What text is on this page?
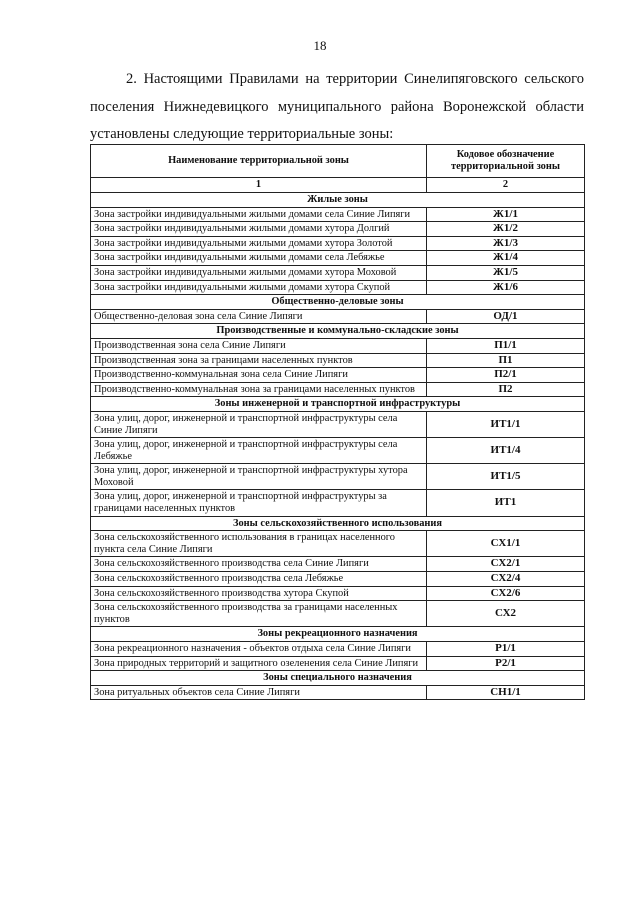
18
2. Настоящими Правилами на территории Синелипяговского сельского поселения Нижнедевицкого муниципального района Воронежской области установлены следующие территориальные зоны:
Наименование территориальной зоны	Кодовое обозначение территориальной зоны
1	2
Жилые зоны	
Зона застройки индивидуальными жилыми домами села Синие Липяги	Ж1/1
Зона застройки индивидуальными жилыми домами хутора Долгий	Ж1/2
Зона застройки индивидуальными жилыми домами хутора Золотой	Ж1/3
Зона застройки индивидуальными жилыми домами села Лебяжье	Ж1/4
Зона застройки индивидуальными жилыми домами хутора Моховой	Ж1/5
Зона застройки индивидуальными жилыми домами хутора Скупой	Ж1/6
Общественно-деловые зоны	
Общественно-деловая зона села Синие Липяги	ОД/1
Производственные и коммунально-складские зоны	
Производственная зона села Синие Липяги	П1/1
Производственная зона за границами населенных пунктов	П1
Производственно-коммунальная зона села Синие Липяги	П2/1
Производственно-коммунальная зона за границами населенных пунктов	П2
Зоны инженерной и транспортной инфраструктуры	
Зона улиц, дорог, инженерной и транспортной инфраструктуры села Синие Липяги	ИТ1/1
Зона улиц, дорог, инженерной и транспортной инфраструктуры села Лебяжье	ИТ1/4
Зона улиц, дорог, инженерной и транспортной инфраструктуры хутора Моховой	ИТ1/5
Зона улиц, дорог, инженерной и транспортной инфраструктуры за границами населенных пунктов	ИТ1
Зоны сельскохозяйственного использования	
Зона сельскохозяйственного использования в границах населенного пункта села Синие Липяги	СХ1/1
Зона сельскохозяйственного производства села Синие Липяги	СХ2/1
Зона сельскохозяйственного производства села Лебяжье	СХ2/4
Зона сельскохозяйственного производства хутора Скупой	СХ2/6
Зона сельскохозяйственного производства за границами населенных пунктов	СХ2
Зоны рекреационного назначения	
Зона рекреационного назначения - объектов отдыха села Синие Липяги	Р1/1
Зона природных территорий и защитного озеленения села Синие Липяги	Р2/1
Зоны специального назначения	
Зона ритуальных объектов села Синие Липяги	СН1/1
